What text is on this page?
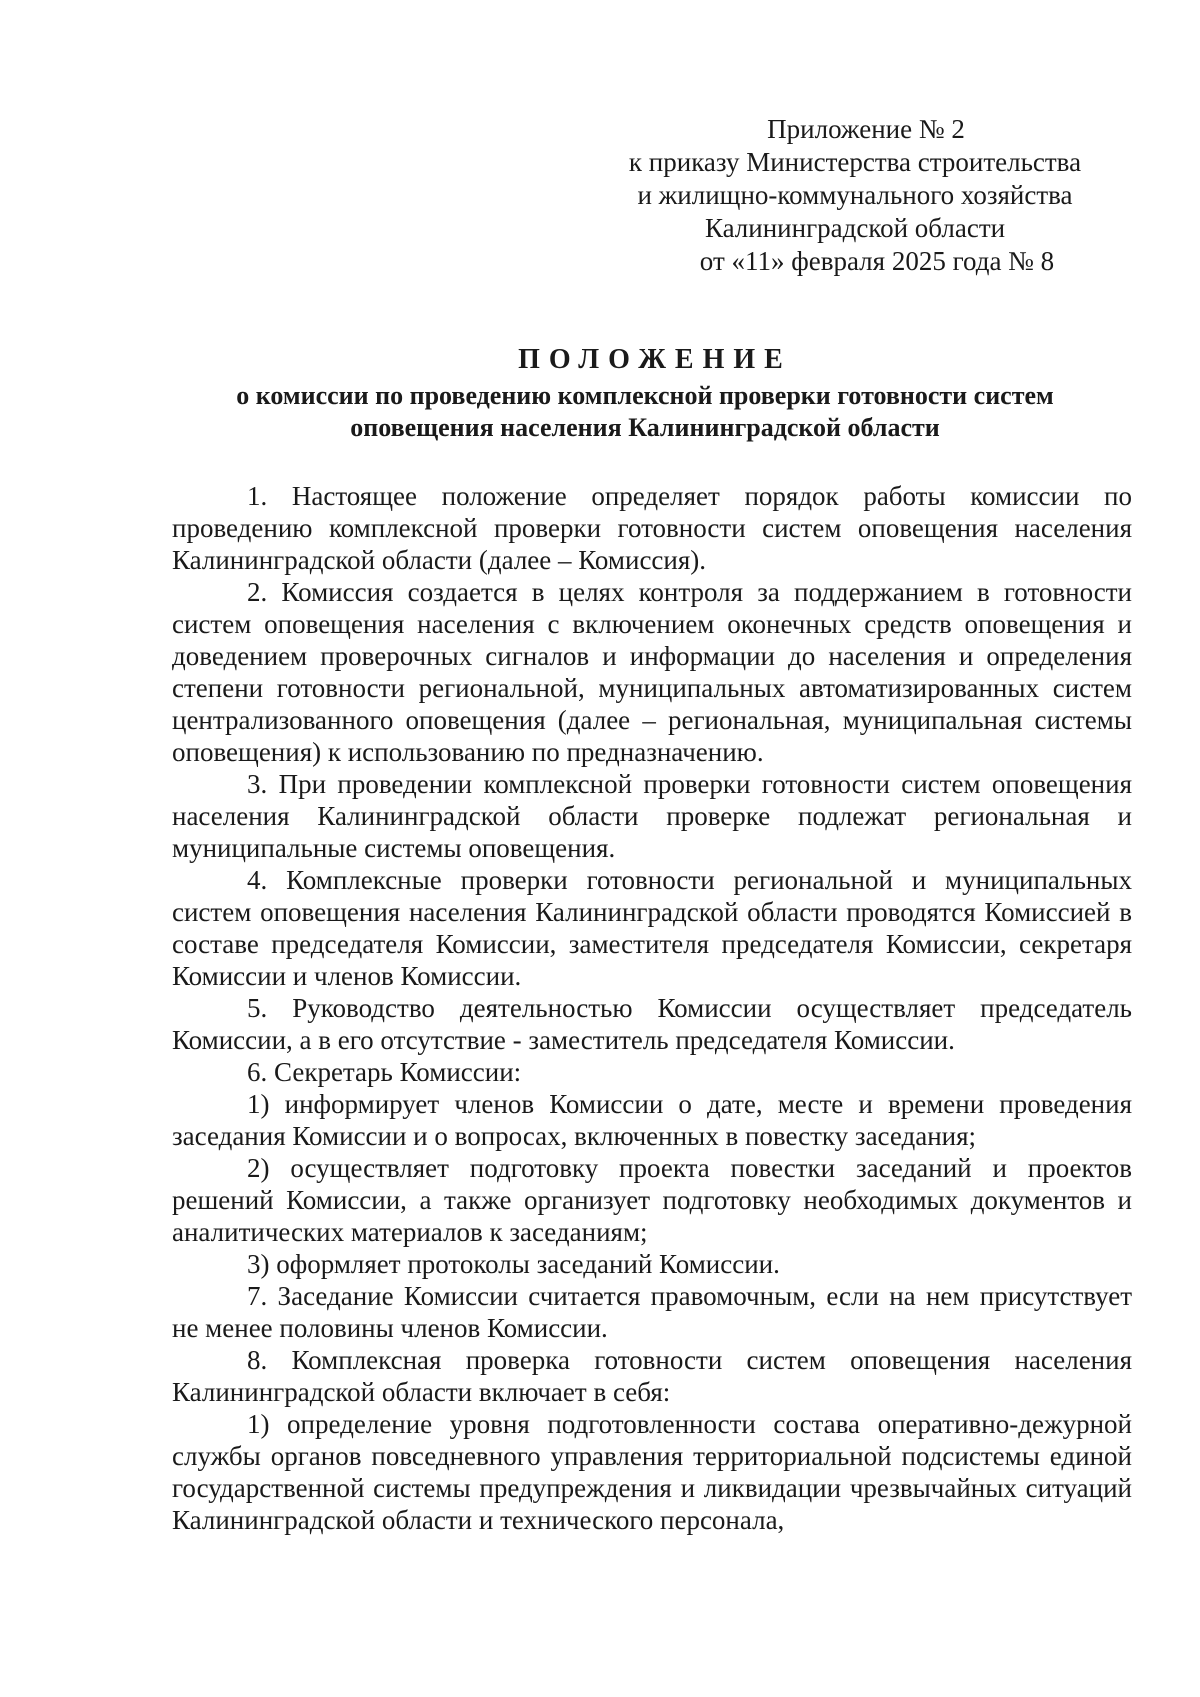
Приложение № 2
к приказу Министерства строительства
и жилищно-коммунального хозяйства
Калининградской области
от «11» февраля 2025 года № 8
ПОЛОЖЕНИЕ
о комиссии по проведению комплексной проверки готовности систем
оповещения населения Калининградской области

1. Настоящее положение определяет порядок работы комиссии по проведению комплексной проверки готовности систем оповещения населения Калининградской области (далее – Комиссия).

2. Комиссия создается в целях контроля за поддержанием в готовности систем оповещения населения с включением оконечных средств оповещения и доведением проверочных сигналов и информации до населения и определения степени готовности региональной, муниципальных автоматизированных систем централизованного оповещения (далее – региональная, муниципальная системы оповещения) к использованию по предназначению.

3. При проведении комплексной проверки готовности систем оповещения населения Калининградской области проверке подлежат региональная и муниципальные системы оповещения.

4. Комплексные проверки готовности региональной и муниципальных систем оповещения населения Калининградской области проводятся Комиссией в составе председателя Комиссии, заместителя председателя Комиссии, секретаря Комиссии и членов Комиссии.

5. Руководство деятельностью Комиссии осуществляет председатель Комиссии, а в его отсутствие - заместитель председателя Комиссии.

6. Секретарь Комиссии:

1) информирует членов Комиссии о дате, месте и времени проведения заседания Комиссии и о вопросах, включенных в повестку заседания;

2) осуществляет подготовку проекта повестки заседаний и проектов решений Комиссии, а также организует подготовку необходимых документов и аналитических материалов к заседаниям;

3) оформляет протоколы заседаний Комиссии.

7. Заседание Комиссии считается правомочным, если на нем присутствует не менее половины членов Комиссии.

8. Комплексная проверка готовности систем оповещения населения Калининградской области включает в себя:

1) определение уровня подготовленности состава оперативно-дежурной службы органов повседневного управления территориальной подсистемы единой государственной системы предупреждения и ликвидации чрезвычайных ситуаций Калининградской области и технического персонала,
